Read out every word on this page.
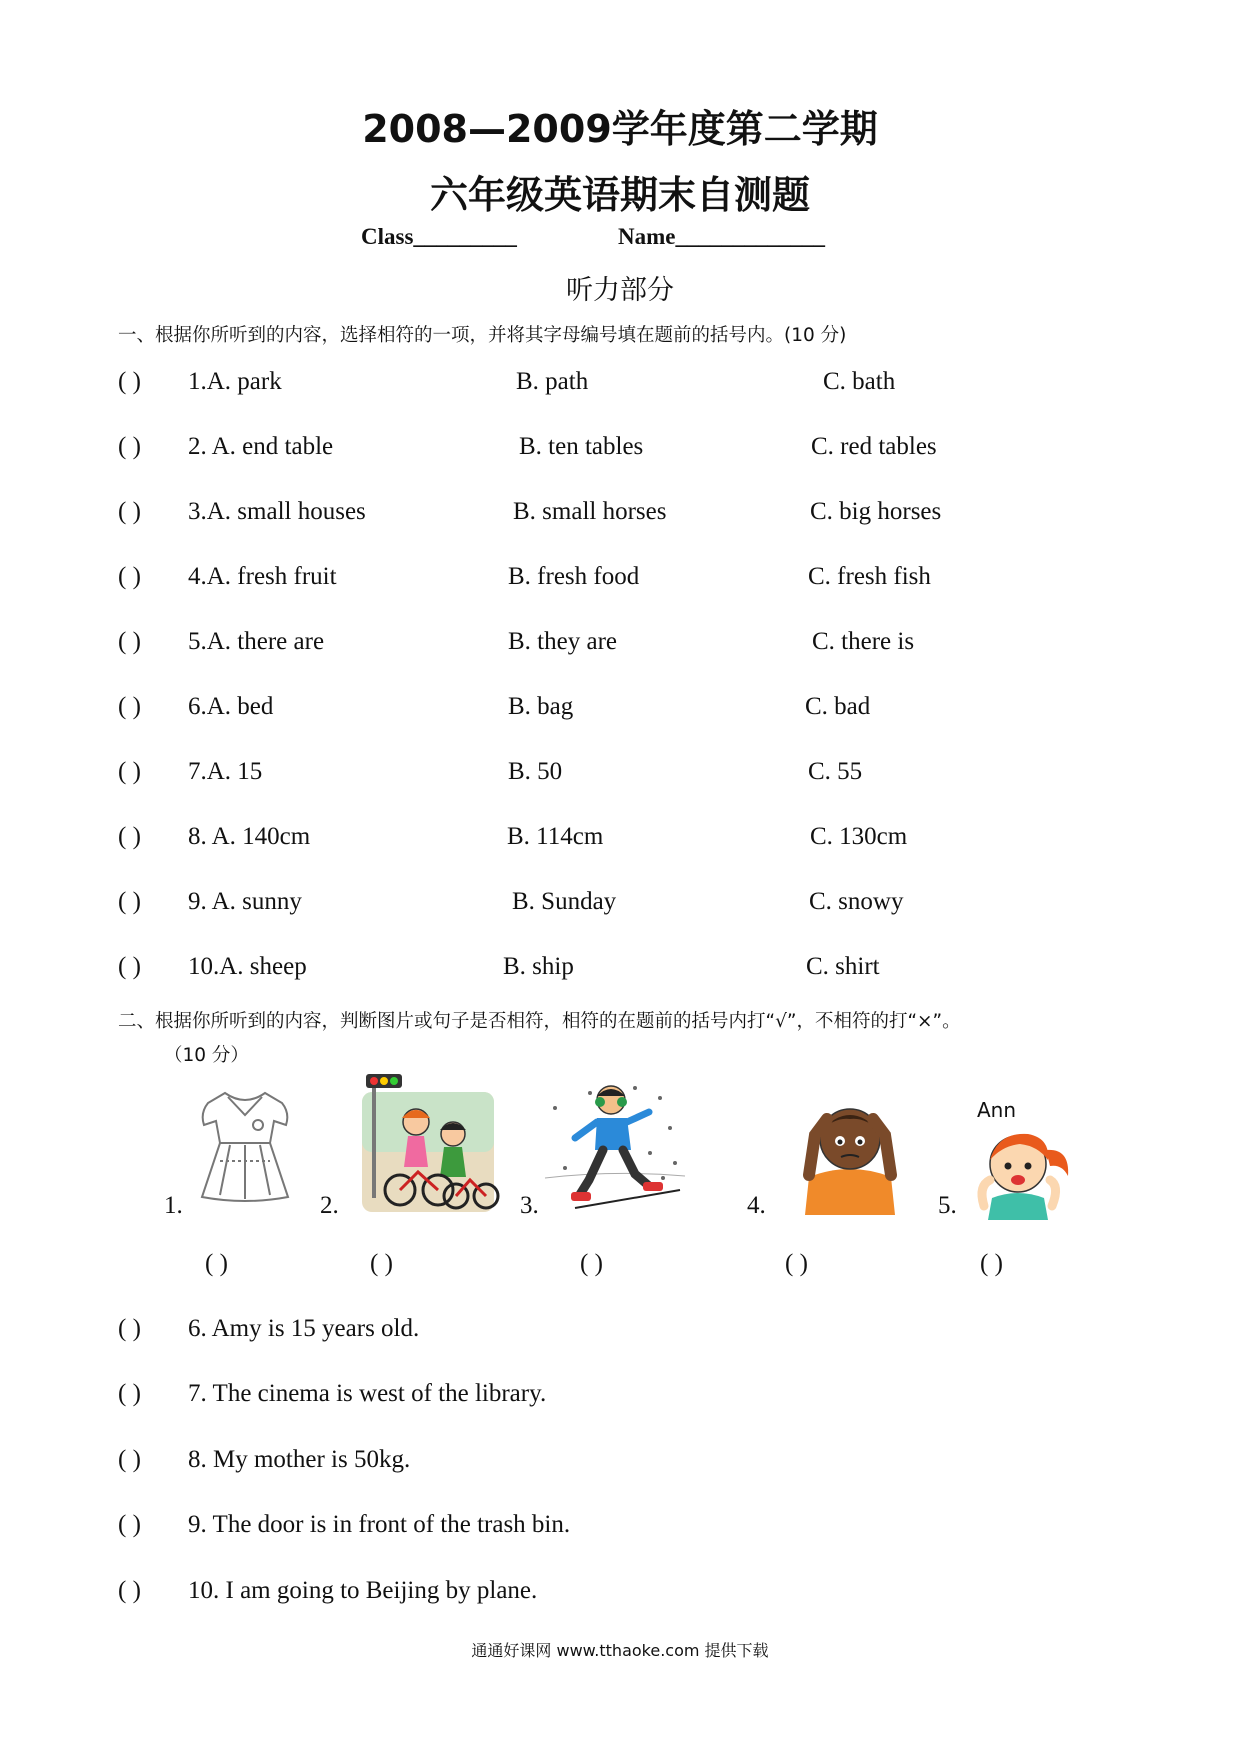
2008—2009学年度第二学期
六年级英语期末自测题
Class_________	Name_____________
听力部分
一、根据你所听到的内容，选择相符的一项，并将其字母编号填在题前的括号内。(10 分)
( ) 1.A. park	B. path	C. bath
( ) 2. A. end table	B. ten tables	C. red tables
( ) 3.A. small houses	B. small horses	C. big horses
( ) 4.A. fresh fruit	B. fresh food	C. fresh fish
( ) 5.A. there are	B. they are	C. there is
( ) 6.A. bed	B. bag	C. bad
( ) 7.A. 15	B. 50	C. 55
( ) 8. A. 140cm	B. 114cm	C. 130cm
( ) 9. A. sunny	B. Sunday	C. snowy
( ) 10.A. sheep	B. ship	C. shirt
二、根据你所听到的内容，判断图片或句子是否相符，相符的在题前的括号内打“√”，不相符的打“×”。
（10 分）
1.
( )
2.
( )
3.
( )
4.
( )
5.
Ann
( )
( ) 6. Amy is 15 years old.
( ) 7. The cinema is west of the library.
( ) 8. My mother is 50kg.
( ) 9. The door is in front of the trash bin.
( ) 10. I am going to Beijing by plane.
通通好课网 www.tthaoke.com 提供下载
